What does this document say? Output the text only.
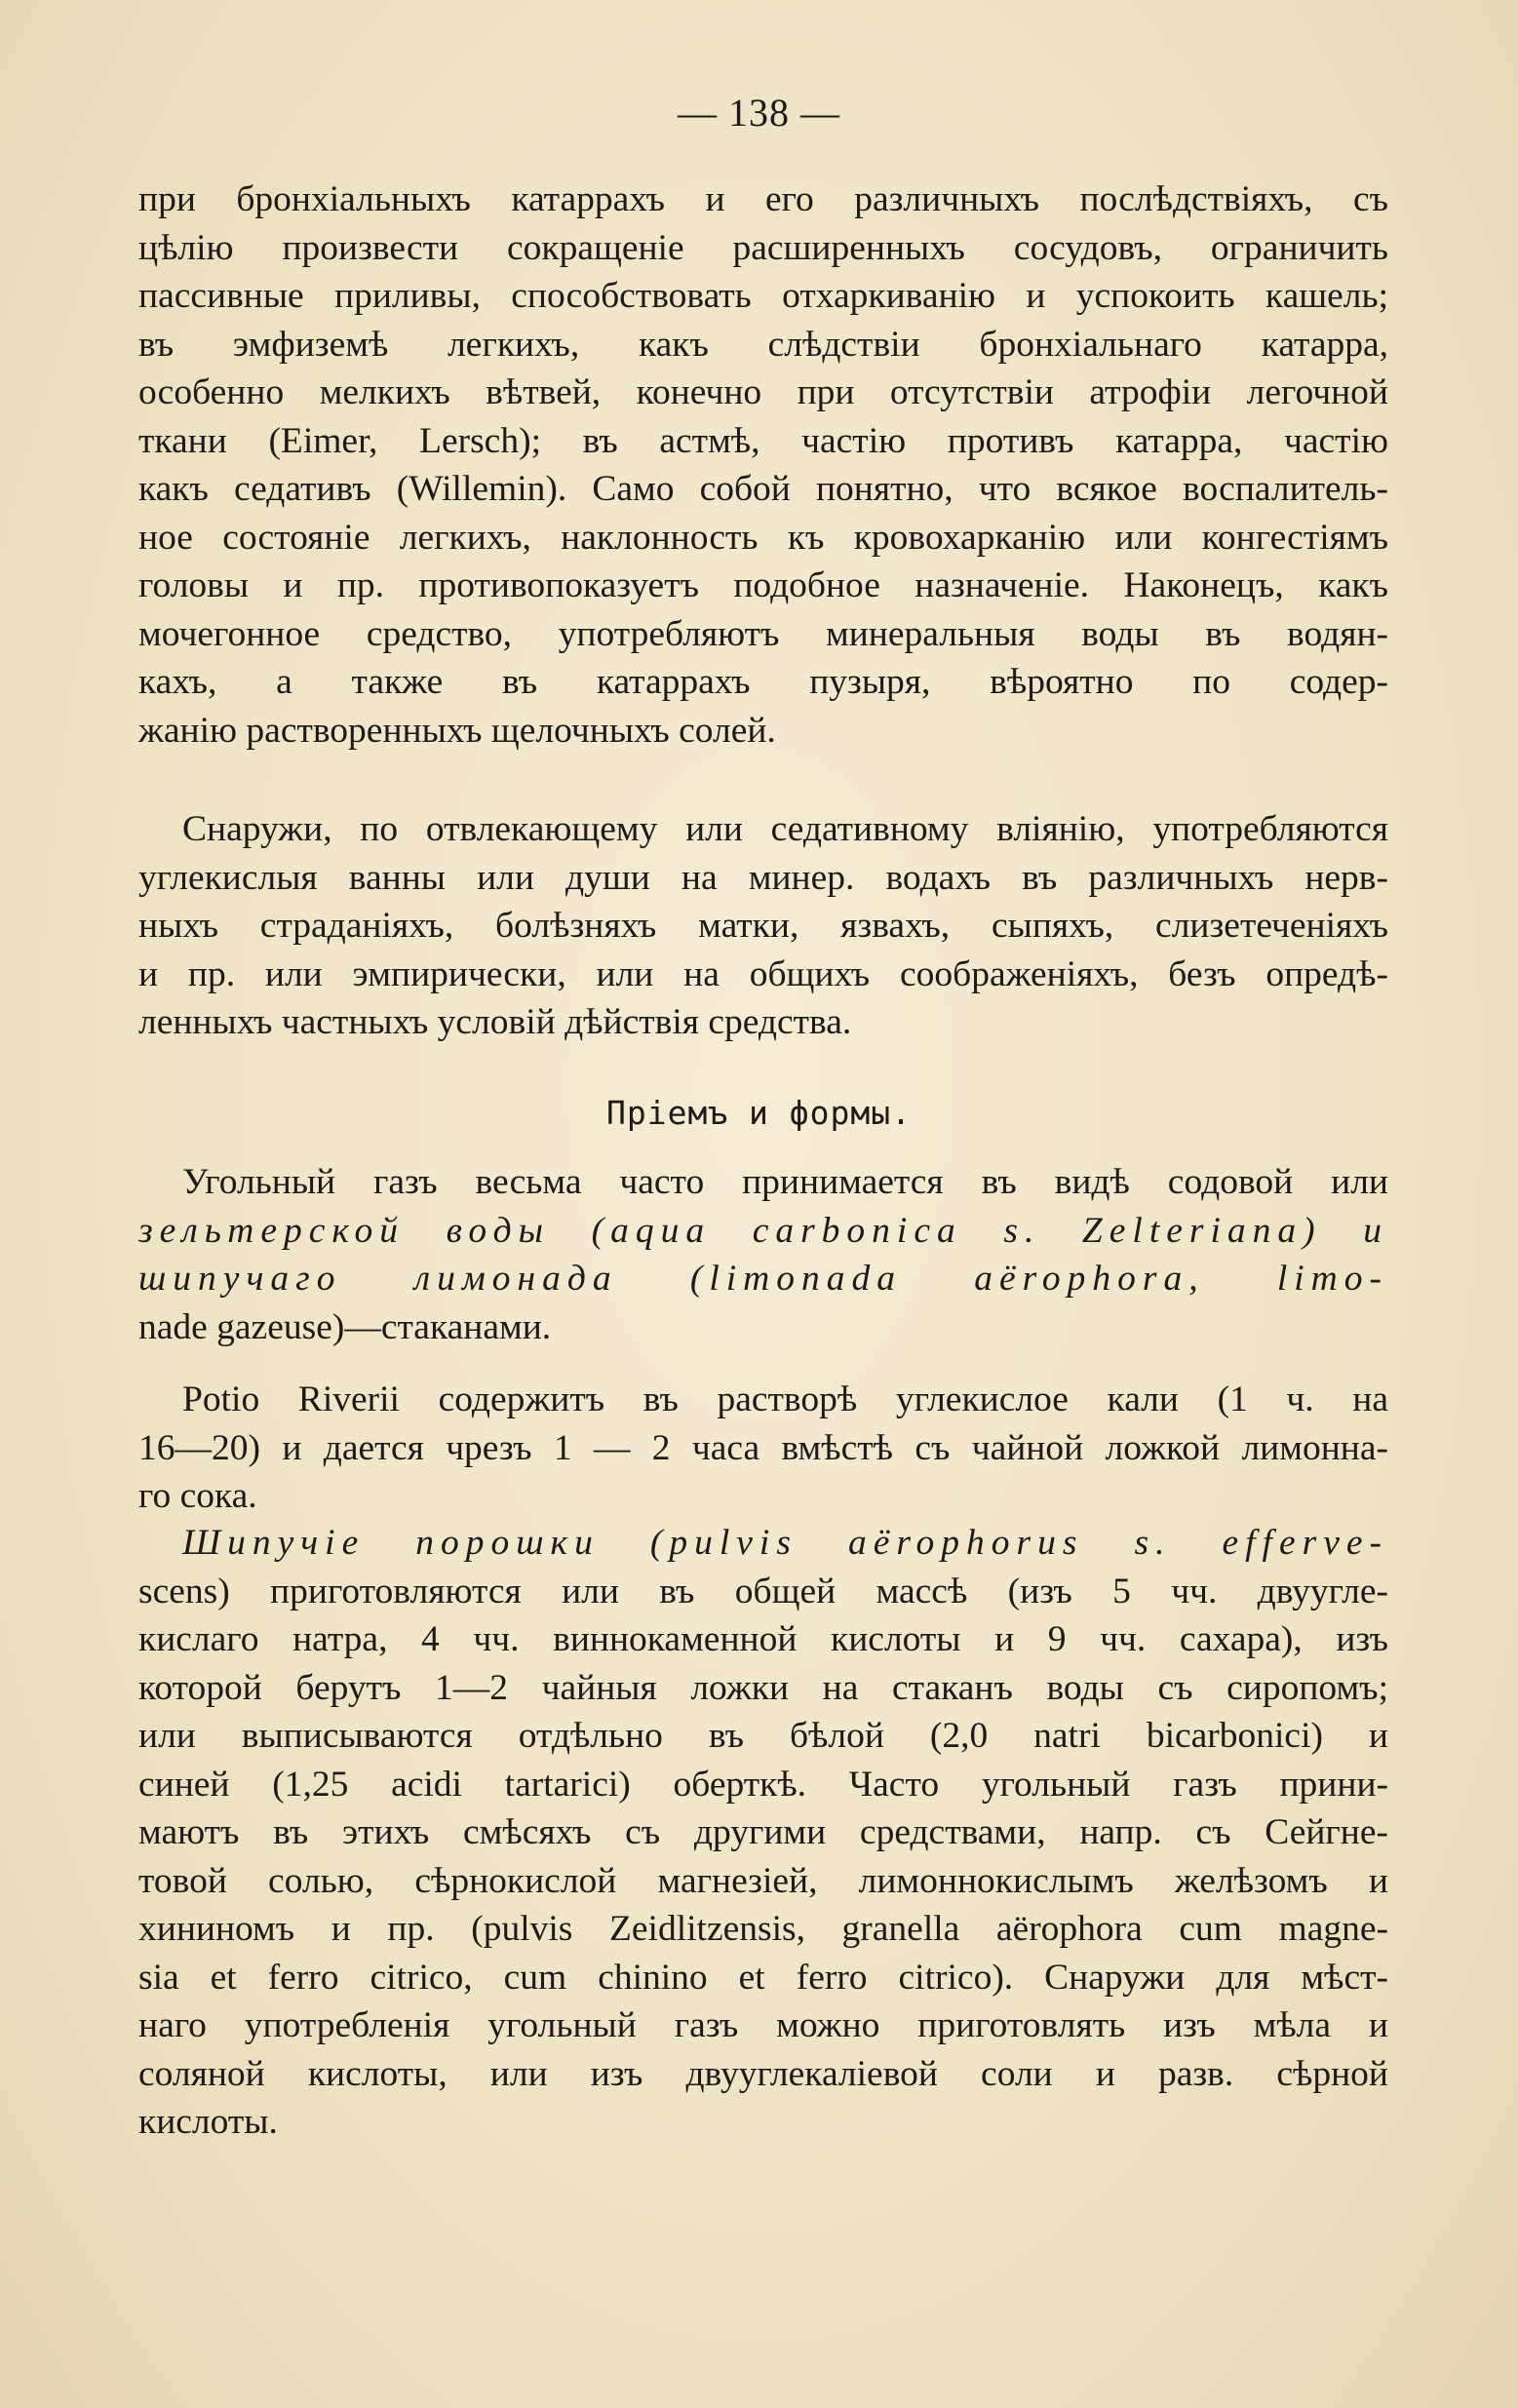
— 138 —
при бронхіальныхъ катаррахъ и его различныхъ послѣдствіяхъ, съ
цѣлію произвести сокращеніе расширенныхъ сосудовъ, ограничить
пассивные приливы, способствовать отхаркиванію и успокоить кашель;
въ эмфиземѣ легкихъ, какъ слѣдствіи бронхіальнаго катарра,
особенно мелкихъ вѣтвей, конечно при отсутствіи атрофіи легочной
ткани (Eimer, Lersch); въ астмѣ, частію противъ катарра, частію
какъ седативъ (Willemin). Само собой понятно, что всякое воспалитель-
ное состояніе легкихъ, наклонность къ кровохарканію или конгестіямъ
головы и пр. противопоказуетъ подобное назначеніе. Наконецъ, какъ
мочегонное средство, употребляютъ минеральныя воды въ водян-
кахъ, а также въ катаррахъ пузыря, вѣроятно по содер-
жанію растворенныхъ щелочныхъ солей.
Снаружи, по отвлекающему или седативному вліянію, употребляются
углекислыя ванны или души на минер. водахъ въ различныхъ нерв-
ныхъ страданіяхъ, болѣзняхъ матки, язвахъ, сыпяхъ, слизетеченіяхъ
и пр. или эмпирически, или на общихъ соображеніяхъ, безъ опредѣ-
ленныхъ частныхъ условій дѣйствія средства.
Пріемъ и формы.
Угольный газъ весьма часто принимается въ видѣ содовой или
зельтерской воды (aqua carbonica s. Zelteriana) и
шипучаго лимонада (limonada aërophora, limo-
nade gazeuse)—стаканами.
Potio Riverii содержитъ въ растворѣ углекислое кали (1 ч. на
16—20) и дается чрезъ 1 — 2 часа вмѣстѣ съ чайной ложкой лимонна-
го сока.
Шипучіе порошки (pulvis aërophorus s. efferve-
scens) приготовляются или въ общей массѣ (изъ 5 чч. двуугле-
кислаго натра, 4 чч. виннокаменной кислоты и 9 чч. сахара), изъ
которой берутъ 1—2 чайныя ложки на стаканъ воды съ сиропомъ;
или выписываются отдѣльно въ бѣлой (2,0 natri bicarbonici) и
синей (1,25 acidi tartarici) оберткѣ. Часто угольный газъ прини-
маютъ въ этихъ смѣсяхъ съ другими средствами, напр. съ Сейгне-
товой солью, сѣрнокислой магнезіей, лимоннокислымъ желѣзомъ и
хининомъ и пр. (pulvis Zeidlitzensis, granella aërophora cum magne-
sia et ferro citrico, cum chinino et ferro citrico). Снаружи для мѣст-
наго употребленія угольный газъ можно приготовлять изъ мѣла и
соляной кислоты, или изъ двууглекаліевой соли и разв. сѣрной
кислоты.
